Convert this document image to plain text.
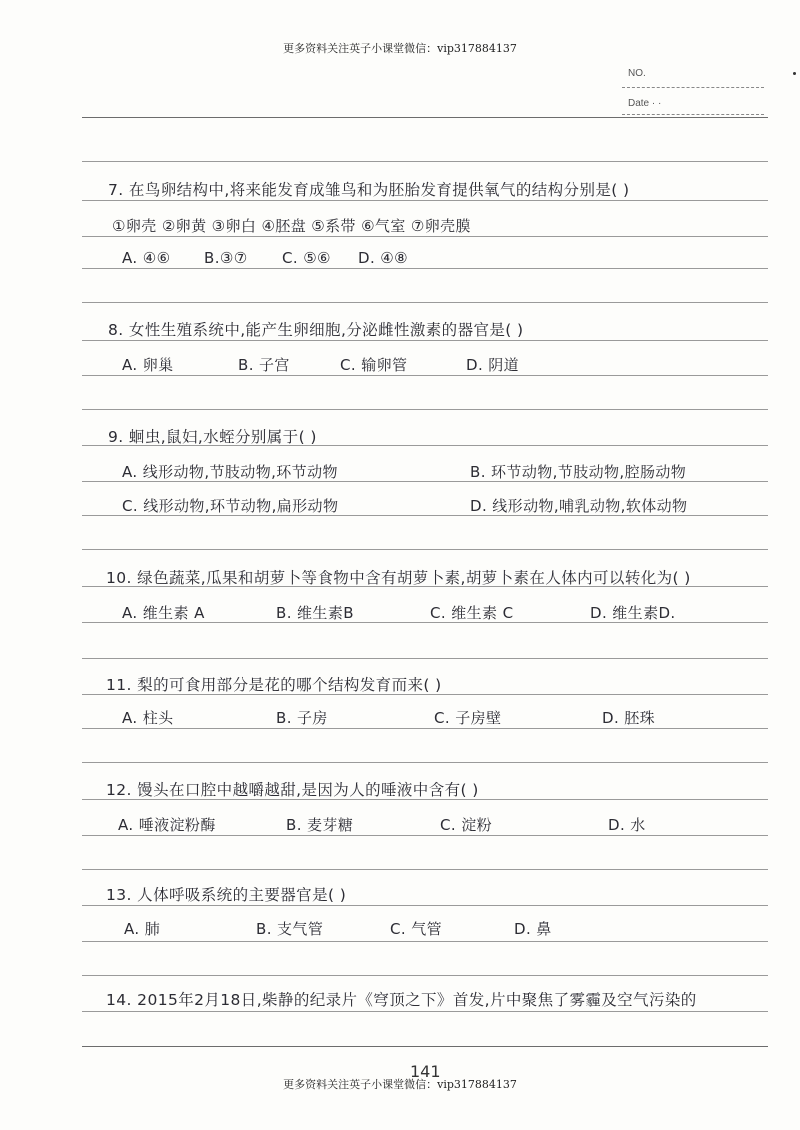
更多资料关注英子小课堂微信：vip317884137
NO.
Date · ·
7. 在鸟卵结构中,将来能发育成雏鸟和为胚胎发育提供氧气的结构分别是( )
①卵壳 ②卵黄 ③卵白 ④胚盘 ⑤系带 ⑥气室 ⑦卵壳膜
A. ④⑥ B.③⑦ C. ⑤⑥ D. ④⑧
8. 女性生殖系统中,能产生卵细胞,分泌雌性激素的器官是( )
A. 卵巢	B. 子宫	C. 输卵管	D. 阴道
9. 蛔虫,鼠妇,水蛭分别属于( )
A. 线形动物,节肢动物,环节动物	B. 环节动物,节肢动物,腔肠动物
C. 线形动物,环节动物,扁形动物	D. 线形动物,哺乳动物,软体动物
10. 绿色蔬菜,瓜果和胡萝卜等食物中含有胡萝卜素,胡萝卜素在人体内可以转化为( )
A. 维生素 A	B. 维生素B	C. 维生素 C	D. 维生素D.
11. 梨的可食用部分是花的哪个结构发育而来( )
A. 柱头	B. 子房	C. 子房壁	D. 胚珠
12. 馒头在口腔中越嚼越甜,是因为人的唾液中含有( )
A. 唾液淀粉酶	B. 麦芽糖	C. 淀粉	D. 水
13. 人体呼吸系统的主要器官是( )
A. 肺	B. 支气管	C. 气管	D. 鼻
14. 2015年2月18日,柴静的纪录片《穹顶之下》首发,片中聚焦了雾霾及空气污染的
141
更多资料关注英子小课堂微信：vip317884137
